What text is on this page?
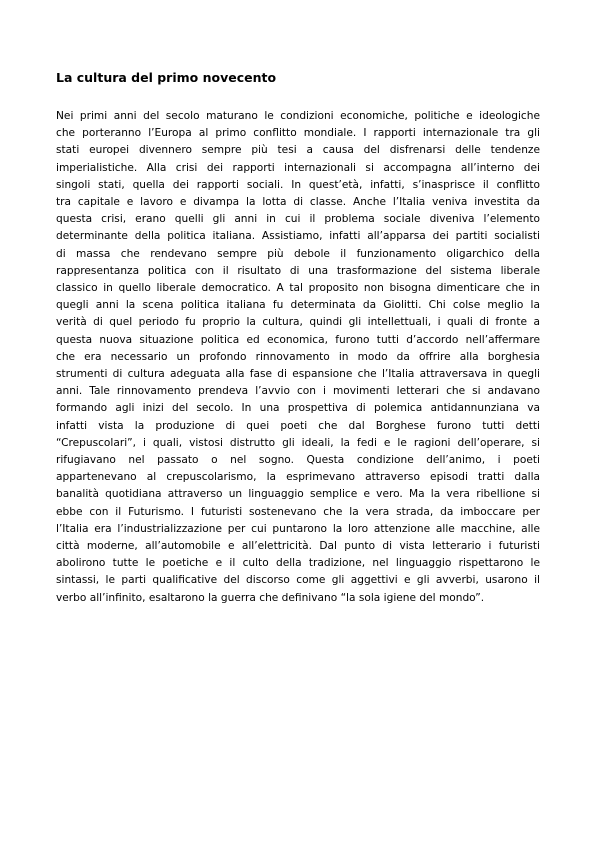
La cultura del primo novecento
Nei primi anni del secolo maturano le condizioni economiche, politiche e ideologiche
che porteranno l’Europa al primo conflitto mondiale. I rapporti internazionale tra gli
stati europei divennero sempre più tesi a causa del disfrenarsi delle tendenze
imperialistiche. Alla crisi dei rapporti internazionali si accompagna all’interno dei
singoli stati, quella dei rapporti sociali. In quest’età, infatti, s’inasprisce il conflitto
tra capitale e lavoro e divampa la lotta di classe. Anche l’Italia veniva investita da
questa crisi, erano quelli gli anni in cui il problema sociale diveniva l’elemento
determinante della politica italiana. Assistiamo, infatti all’apparsa dei partiti socialisti
di massa che rendevano sempre più debole il funzionamento oligarchico della
rappresentanza politica con il risultato di una trasformazione del sistema liberale
classico in quello liberale democratico. A tal proposito non bisogna dimenticare che in
quegli anni la scena politica italiana fu determinata da Giolitti. Chi colse meglio la
verità di quel periodo fu proprio la cultura, quindi gli intellettuali, i quali di fronte a
questa nuova situazione politica ed economica, furono tutti d’accordo nell’affermare
che era necessario un profondo rinnovamento in modo da offrire alla borghesia
strumenti di cultura adeguata alla fase di espansione che l’Italia attraversava in quegli
anni. Tale rinnovamento prendeva l’avvio con i movimenti letterari che si andavano
formando agli inizi del secolo. In una prospettiva di polemica antidannunziana va
infatti vista la produzione di quei poeti che dal Borghese furono tutti detti
“Crepuscolari”, i quali, vistosi distrutto gli ideali, la fedi e le ragioni dell’operare, si
rifugiavano nel passato o nel sogno. Questa condizione dell’animo, i poeti
appartenevano al crepuscolarismo, la esprimevano attraverso episodi tratti dalla
banalità quotidiana attraverso un linguaggio semplice e vero. Ma la vera ribellione si
ebbe con il Futurismo. I futuristi sostenevano che la vera strada, da imboccare per
l’Italia era l’industrializzazione per cui puntarono la loro attenzione alle macchine, alle
città moderne, all’automobile e all’elettricità. Dal punto di vista letterario i futuristi
abolirono tutte le poetiche e il culto della tradizione, nel linguaggio rispettarono le
sintassi, le parti qualificative del discorso come gli aggettivi e gli avverbi, usarono il
verbo all’infinito, esaltarono la guerra che definivano “la sola igiene del mondo”.
